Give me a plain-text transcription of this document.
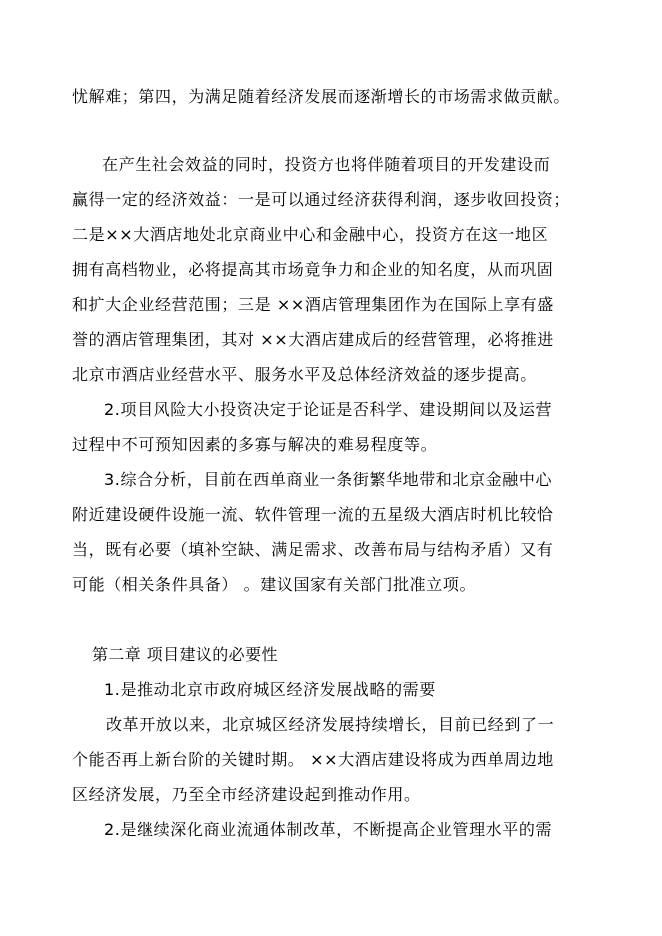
忧解难；第四，为满足随着经济发展而逐渐增长的市场需求做贡献。
在产生社会效益的同时，投资方也将伴随着项目的开发建设而
赢得一定的经济效益：一是可以通过经济获得利润，逐步收回投资；
二是××大酒店地处北京商业中心和金融中心，投资方在这一地区
拥有高档物业，必将提高其市场竟争力和企业的知名度，从而巩固
和扩大企业经营范围；三是 ××酒店管理集团作为在国际上享有盛
誉的酒店管理集团，其对 ××大酒店建成后的经营管理，必将推进
北京市酒店业经营水平、服务水平及总体经济效益的逐步提高。
2.项目风险大小投资决定于论证是否科学、建设期间以及运营
过程中不可预知因素的多寡与解决的难易程度等。
3.综合分析，目前在西单商业一条街繁华地带和北京金融中心
附近建设硬件设施一流、软件管理一流的五星级大酒店时机比较恰
当，既有必要（填补空缺、满足需求、改善布局与结构矛盾）又有
可能（相关条件具备） 。建议国家有关部门批准立项。
第二章 项目建议的必要性
1.是推动北京市政府城区经济发展战略的需要
改革开放以来，北京城区经济发展持续增长，目前已经到了一
个能否再上新台阶的关键时期。 ××大酒店建设将成为西单周边地
区经济发展，乃至全市经济建设起到推动作用。
2.是继续深化商业流通体制改革，不断提高企业管理水平的需
